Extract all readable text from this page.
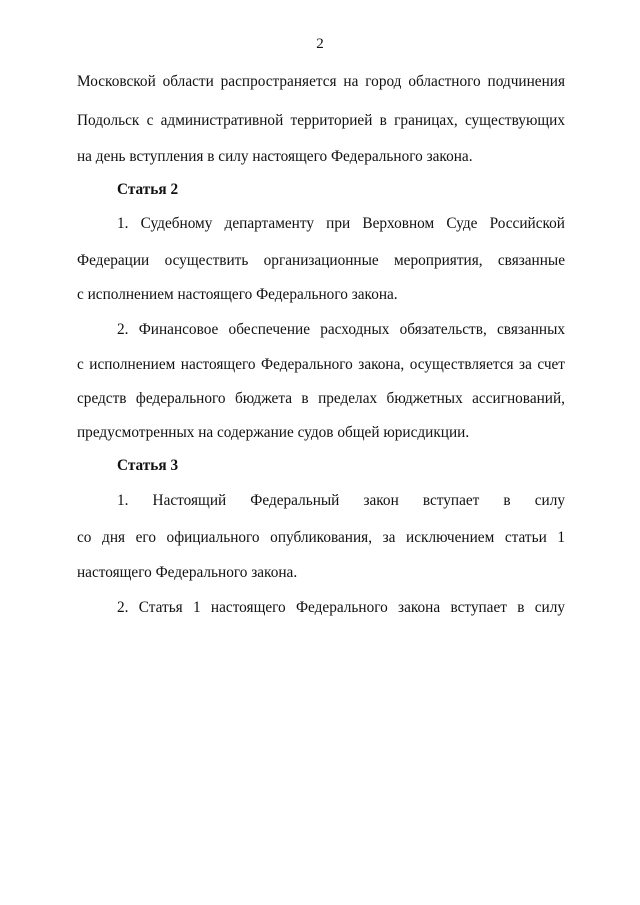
2
Московской области распространяется на город областного подчинения
Подольск с административной территорией в границах, существующих
на день вступления в силу настоящего Федерального закона.
Статья 2
1. Судебному департаменту при Верховном Суде Российской
Федерации осуществить организационные мероприятия, связанные
с исполнением настоящего Федерального закона.
2. Финансовое обеспечение расходных обязательств, связанных
с исполнением настоящего Федерального закона, осуществляется за счет
средств федерального бюджета в пределах бюджетных ассигнований,
предусмотренных на содержание судов общей юрисдикции.
Статья 3
1. Настоящий Федеральный закон вступает в силу
со дня его официального опубликования, за исключением статьи 1
настоящего Федерального закона.
2. Статья 1 настоящего Федерального закона вступает в силу
